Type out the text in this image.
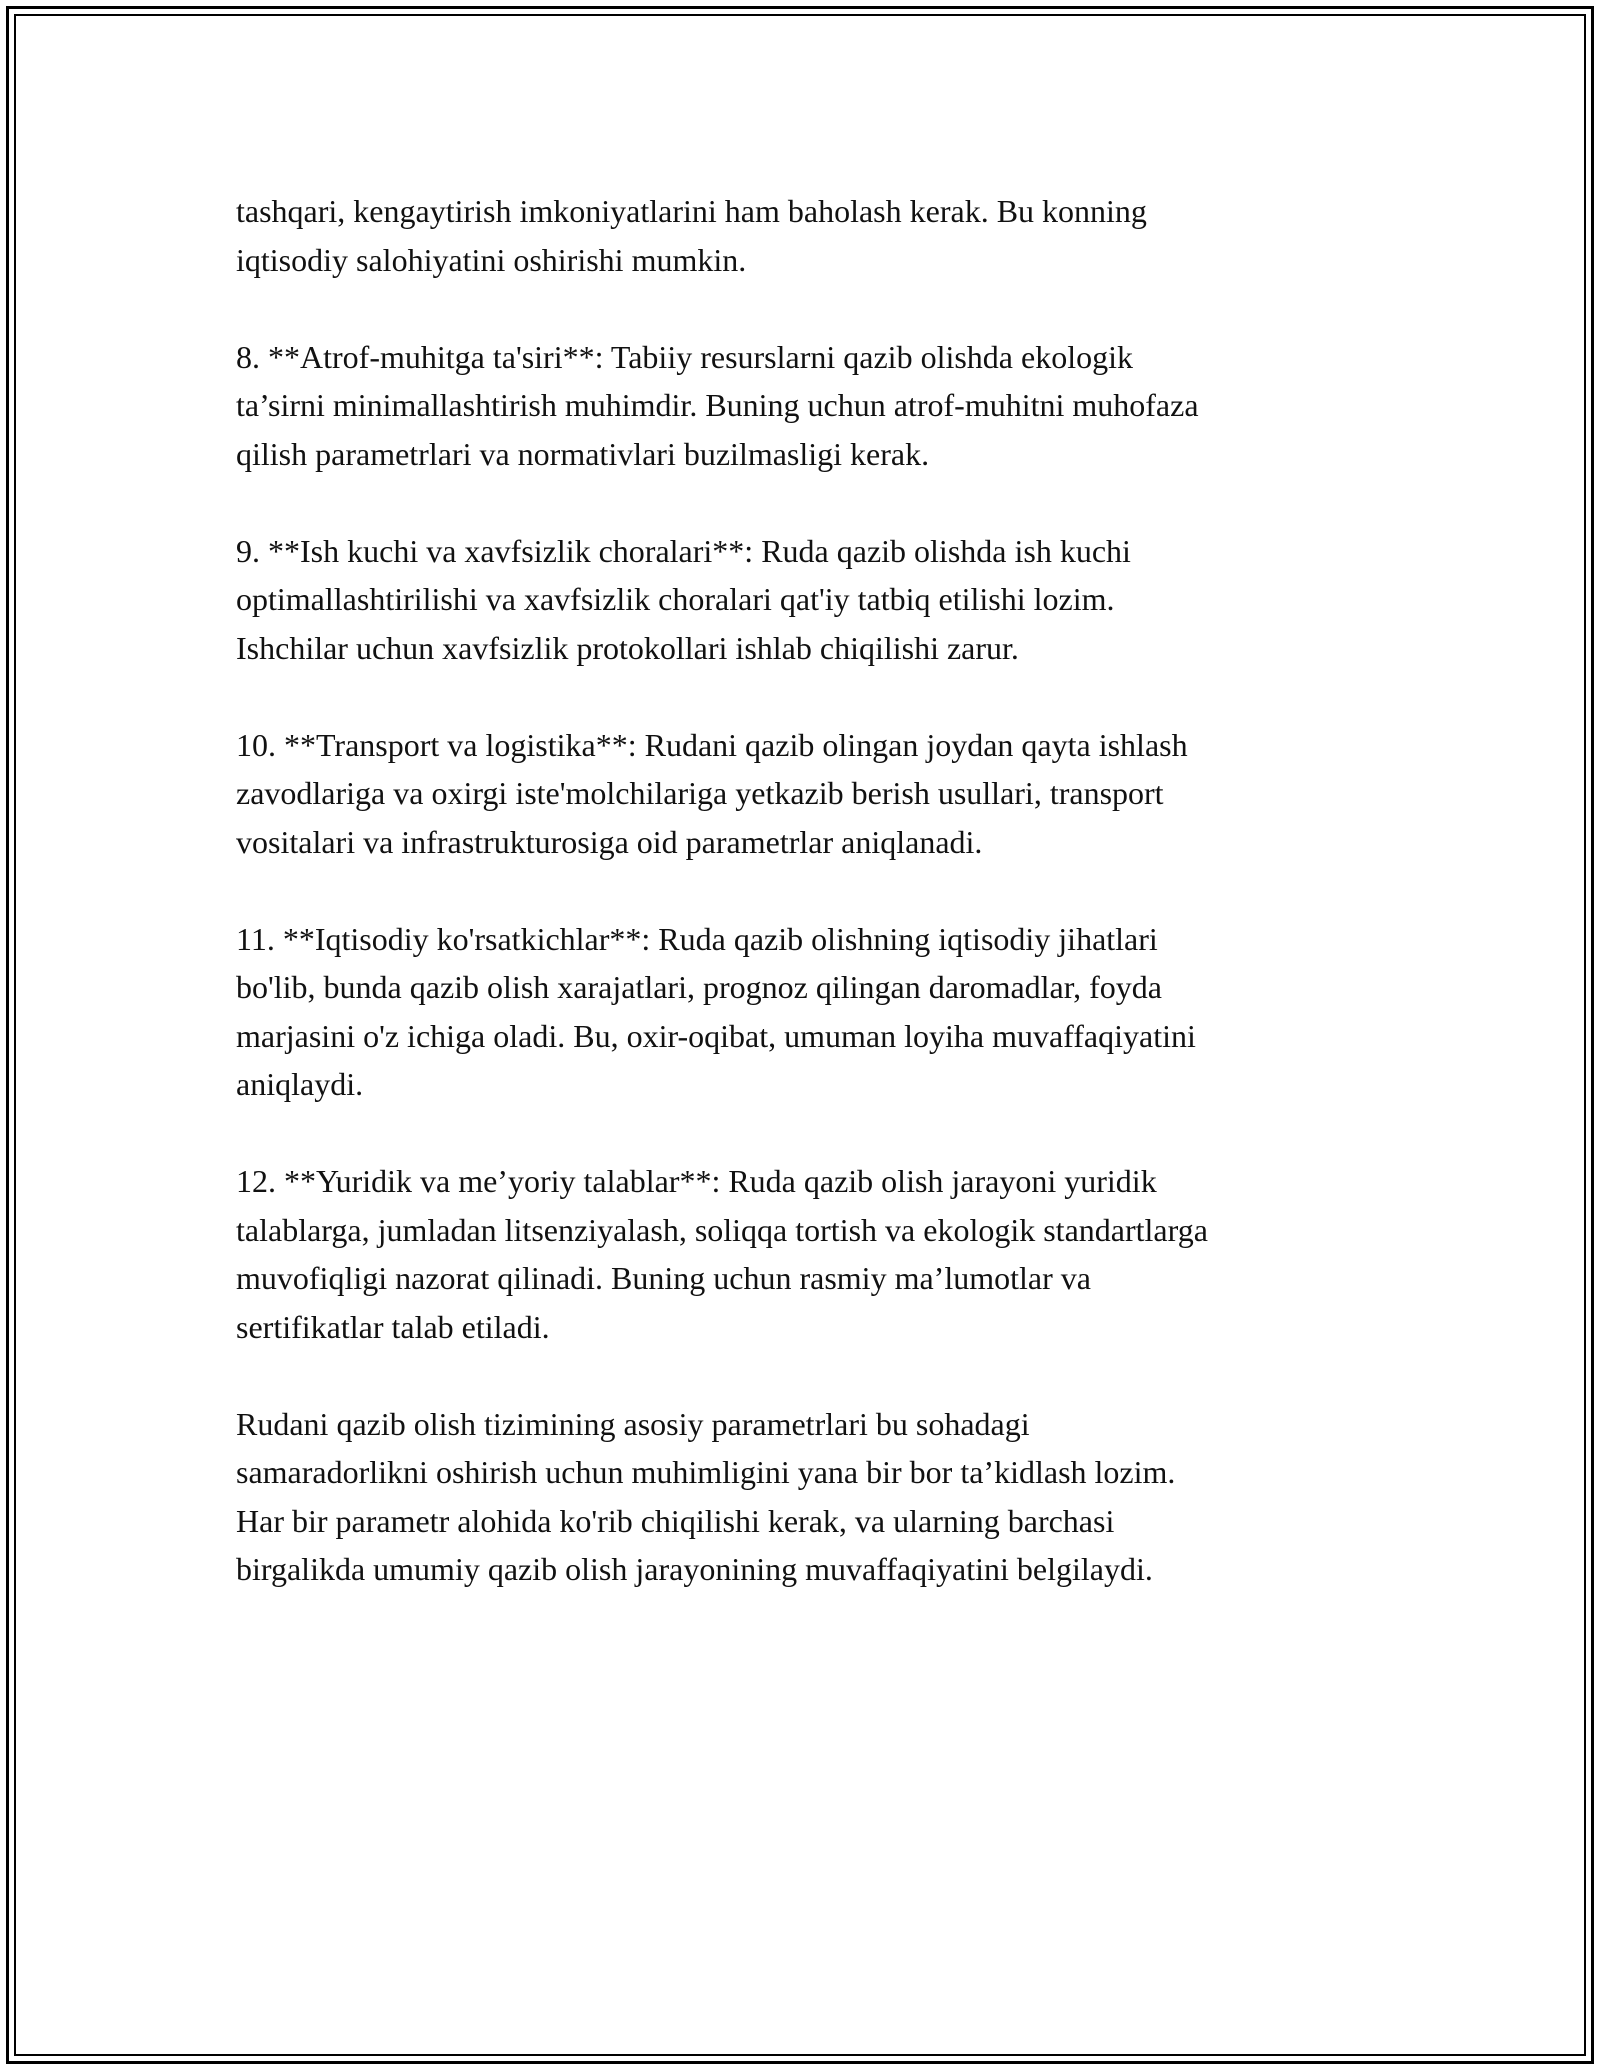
tashqari, kengaytirish imkoniyatlarini ham baholash kerak. Bu konning
iqtisodiy salohiyatini oshirishi mumkin.

8. **Atrof-muhitga ta'siri**: Tabiiy resurslarni qazib olishda ekologik
ta’sirni minimallashtirish muhimdir. Buning uchun atrof-muhitni muhofaza
qilish parametrlari va normativlari buzilmasligi kerak.

9. **Ish kuchi va xavfsizlik choralari**: Ruda qazib olishda ish kuchi
optimallashtirilishi va xavfsizlik choralari qat'iy tatbiq etilishi lozim.
Ishchilar uchun xavfsizlik protokollari ishlab chiqilishi zarur.

10. **Transport va logistika**: Rudani qazib olingan joydan qayta ishlash
zavodlariga va oxirgi iste'molchilariga yetkazib berish usullari, transport
vositalari va infrastrukturosiga oid parametrlar aniqlanadi.

11. **Iqtisodiy ko'rsatkichlar**: Ruda qazib olishning iqtisodiy jihatlari
bo'lib, bunda qazib olish xarajatlari, prognoz qilingan daromadlar, foyda
marjasini o'z ichiga oladi. Bu, oxir-oqibat, umuman loyiha muvaffaqiyatini
aniqlaydi.

12. **Yuridik va me’yoriy talablar**: Ruda qazib olish jarayoni yuridik
talablarga, jumladan litsenziyalash, soliqqa tortish va ekologik standartlarga
muvofiqligi nazorat qilinadi. Buning uchun rasmiy ma’lumotlar va
sertifikatlar talab etiladi.

Rudani qazib olish tizimining asosiy parametrlari bu sohadagi
samaradorlikni oshirish uchun muhimligini yana bir bor ta’kidlash lozim.
Har bir parametr alohida ko'rib chiqilishi kerak, va ularning barchasi
birgalikda umumiy qazib olish jarayonining muvaffaqiyatini belgilaydi.
